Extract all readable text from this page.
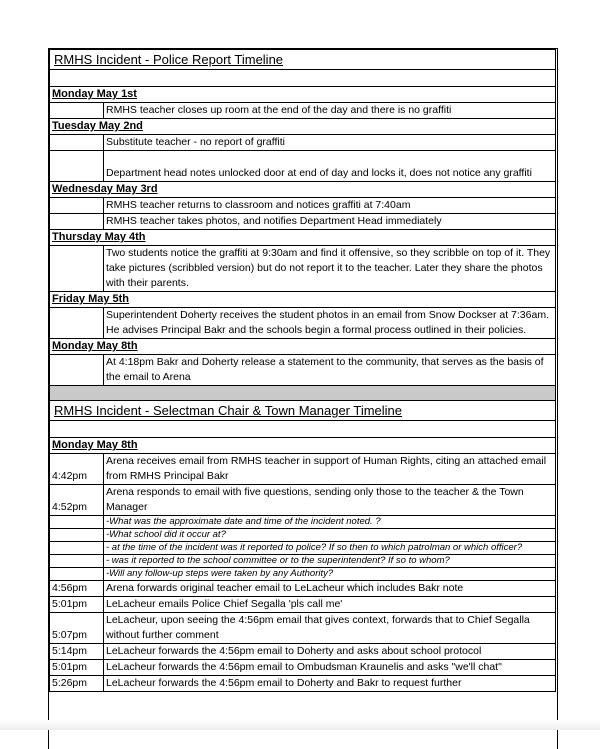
RMHS Incident - Police Report Timeline	

Monday May 1st	
	RMHS teacher closes up room at the end of the day and there is no graffiti
Tuesday May 2nd	
	Substitute teacher - no report of graffiti
	Department head notes unlocked door at end of day and locks it, does not notice any graffiti
Wednesday May 3rd	
	RMHS teacher returns to classroom and notices graffiti at 7:40am
	RMHS teacher takes photos, and notifies Department Head immediately
Thursday May 4th	
	Two students notice the graffiti at 9:30am and find it offensive, so they scribble on top of it. They take pictures (scribbled version) but do not report it to the teacher. Later they share the photos with their parents.
Friday May 5th	
	Superintendent Doherty receives the student photos in an email from Snow Dockser at 7:36am. He advises Principal Bakr and the schools begin a formal process outlined in their policies.
Monday May 8th	
	At 4:18pm Bakr and Doherty release a statement to the community, that serves as the basis of the email to Arena

RMHS Incident - Selectman Chair & Town Manager Timeline	

Monday May 8th	
4:42pm	Arena receives email from RMHS teacher in support of Human Rights, citing an attached email from RMHS Principal Bakr
4:52pm	Arena responds to email with five questions, sending only those to the teacher & the Town Manager
	-What was the approximate date and time of the incident noted. ?
	-What school did it occur at?
	- at the time of the incident was it reported to police? If so then to which patrolman or which officer?
	- was it reported to the school committee or to the superintendent? If so to whom?
	-Will any follow-up steps were taken by any Authority?
4:56pm	Arena forwards original teacher email to LeLacheur which includes Bakr note
5:01pm	LeLacheur emails Police Chief Segalla 'pls call me'
5:07pm	LeLacheur, upon seeing the 4:56pm email that gives context, forwards that to Chief Segalla without further comment
5:14pm	LeLacheur forwards the 4:56pm email to Doherty and asks about school protocol
5:01pm	LeLacheur forwards the 4:56pm email to Ombudsman Kraunelis and asks "we'll chat"
5:26pm	LeLacheur forwards the 4:56pm email to Doherty and Bakr to request further
